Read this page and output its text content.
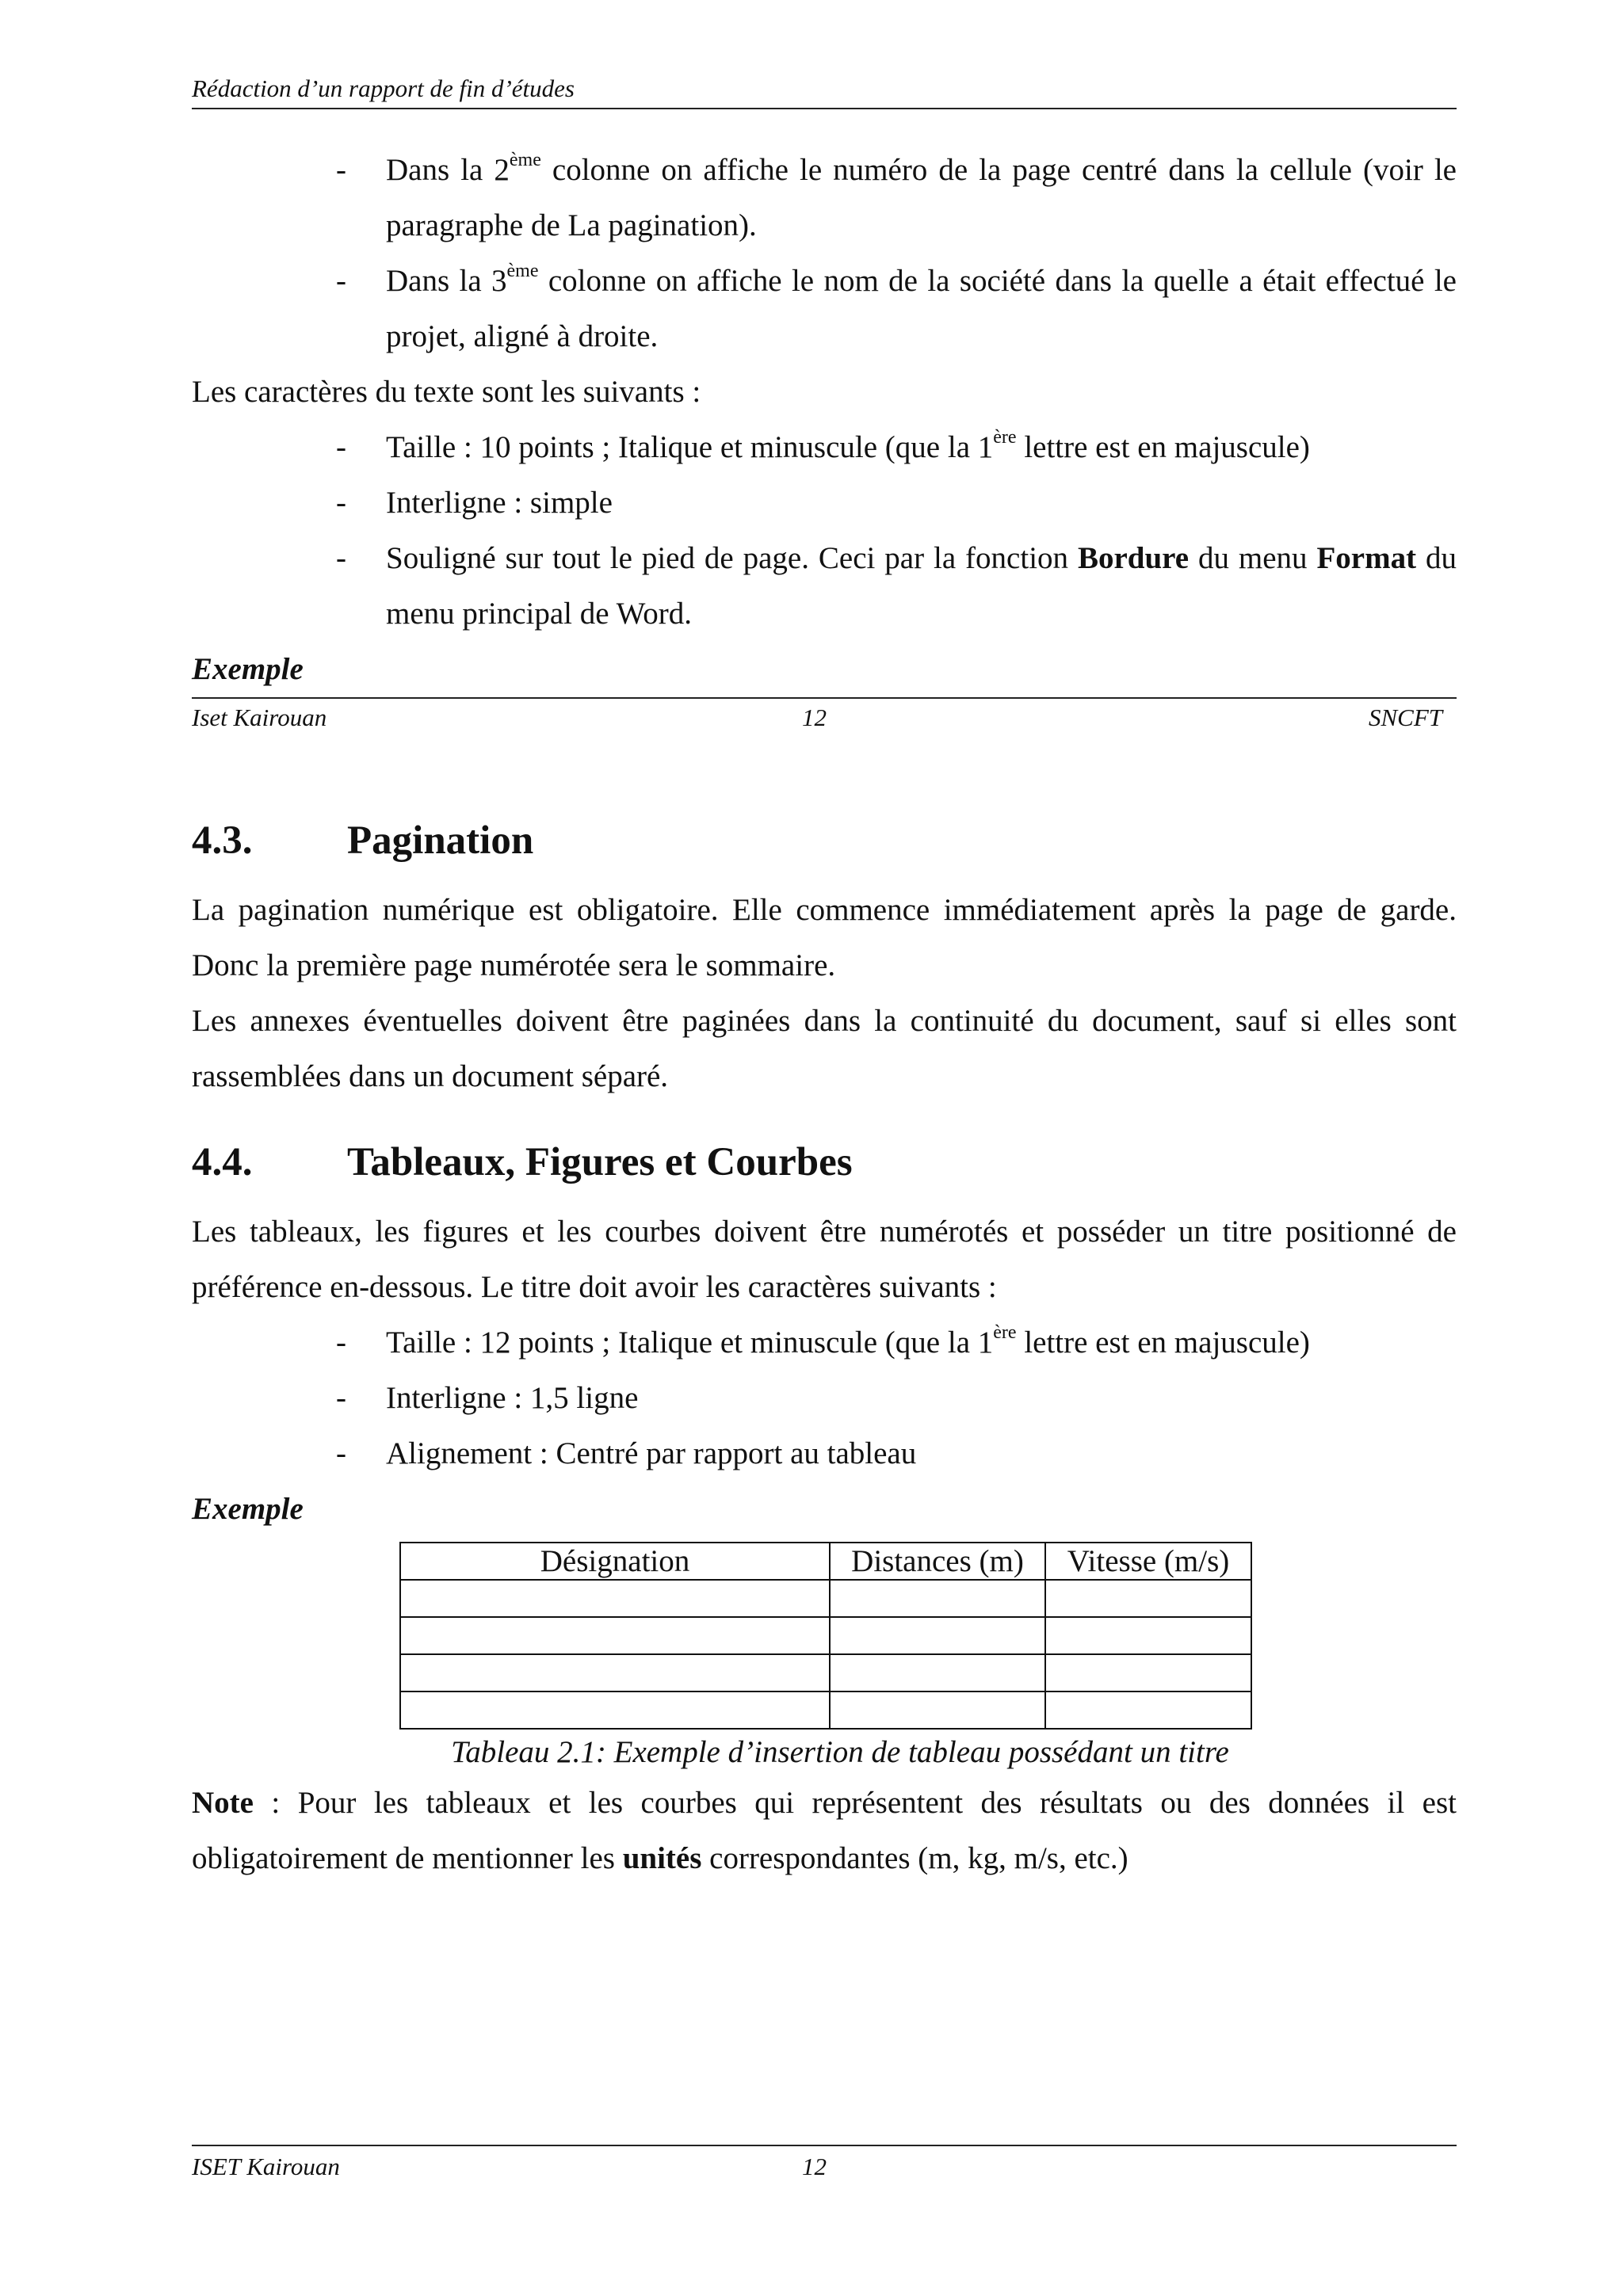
Rédaction d’un rapport de fin d’études

- Dans la 2ème colonne on affiche le numéro de la page centré dans la cellule (voir le paragraphe de La pagination).

- Dans la 3ème colonne on affiche le nom de la société dans la quelle a était effectué le projet, aligné à droite.

Les caractères du texte sont les suivants :

- Taille : 10 points ; Italique et minuscule (que la 1ère lettre est en majuscule)

- Interligne : simple

- Souligné sur tout le pied de page. Ceci par la fonction Bordure du menu Format du menu principal de Word.

Exemple

Iset Kairouan	12	SNCFT
4.3.	Pagination

La pagination numérique est obligatoire. Elle commence immédiatement après la page de garde. Donc la première page numérotée sera le sommaire.

Les annexes éventuelles doivent être paginées dans la continuité du document, sauf si elles sont rassemblées dans un document séparé.

4.4.	Tableaux, Figures et Courbes

Les tableaux, les figures et les courbes doivent être numérotés et posséder un titre positionné de préférence en-dessous. Le titre doit avoir les caractères suivants :

- Taille : 12 points ; Italique et minuscule (que la 1ère lettre est en majuscule)

- Interligne : 1,5 ligne

- Alignement : Centré par rapport au tableau

Exemple

Désignation	Distances (m)	Vitesse (m/s)

Tableau 2.1: Exemple d’insertion de tableau possédant un titre

Note : Pour les tableaux et les courbes qui représentent des résultats ou des données il est obligatoirement de mentionner les unités correspondantes (m, kg, m/s, etc.)

ISET Kairouan	12
